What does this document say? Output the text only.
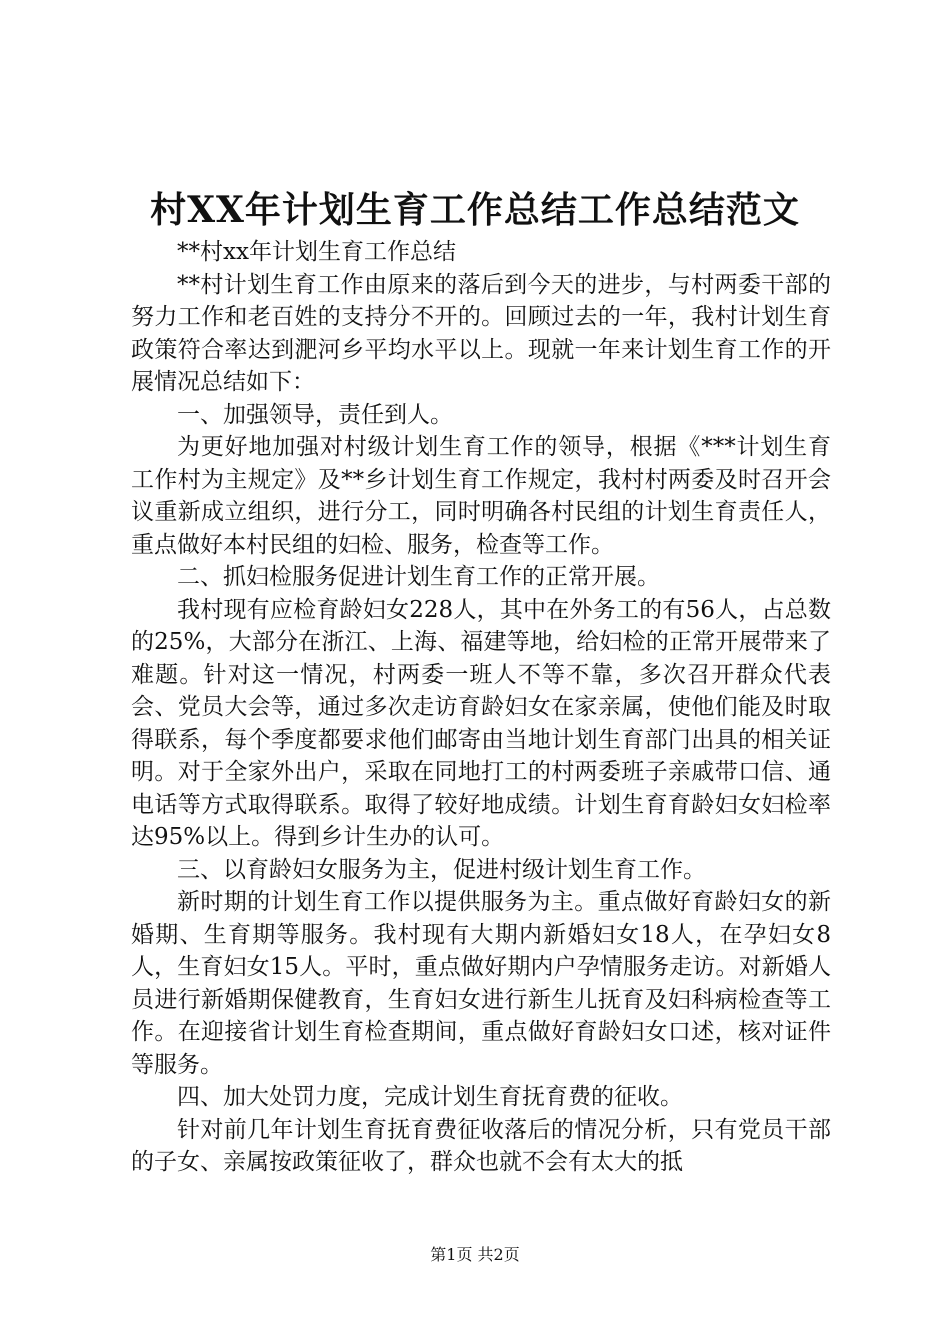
村XX年计划生育工作总结工作总结范文

**村xx年计划生育工作总结

**村计划生育工作由原来的落后到今天的进步，与村两委干部的努力工作和老百姓的支持分不开的。回顾过去的一年，我村计划生育政策符合率达到淝河乡平均水平以上。现就一年来计划生育工作的开展情况总结如下：

一、加强领导，责任到人。

为更好地加强对村级计划生育工作的领导，根据《***计划生育工作村为主规定》及**乡计划生育工作规定，我村村两委及时召开会议重新成立组织，进行分工，同时明确各村民组的计划生育责任人，重点做好本村民组的妇检、服务，检查等工作。

二、抓妇检服务促进计划生育工作的正常开展。

我村现有应检育龄妇女228人，其中在外务工的有56人，占总数的25%，大部分在浙江、上海、福建等地，给妇检的正常开展带来了难题。针对这一情况，村两委一班人不等不靠，多次召开群众代表会、党员大会等，通过多次走访育龄妇女在家亲属，使他们能及时取得联系，每个季度都要求他们邮寄由当地计划生育部门出具的相关证明。对于全家外出户，采取在同地打工的村两委班子亲戚带口信、通电话等方式取得联系。取得了较好地成绩。计划生育育龄妇女妇检率达95%以上。得到乡计生办的认可。

三、以育龄妇女服务为主，促进村级计划生育工作。

新时期的计划生育工作以提供服务为主。重点做好育龄妇女的新婚期、生育期等服务。我村现有大期内新婚妇女18人，在孕妇女8人，生育妇女15人。平时，重点做好期内户孕情服务走访。对新婚人员进行新婚期保健教育，生育妇女进行新生儿抚育及妇科病检查等工作。在迎接省计划生育检查期间，重点做好育龄妇女口述，核对证件等服务。

四、加大处罚力度，完成计划生育抚育费的征收。

针对前几年计划生育抚育费征收落后的情况分析，只有党员干部的子女、亲属按政策征收了，群众也就不会有太大的抵

第1页 共2页
